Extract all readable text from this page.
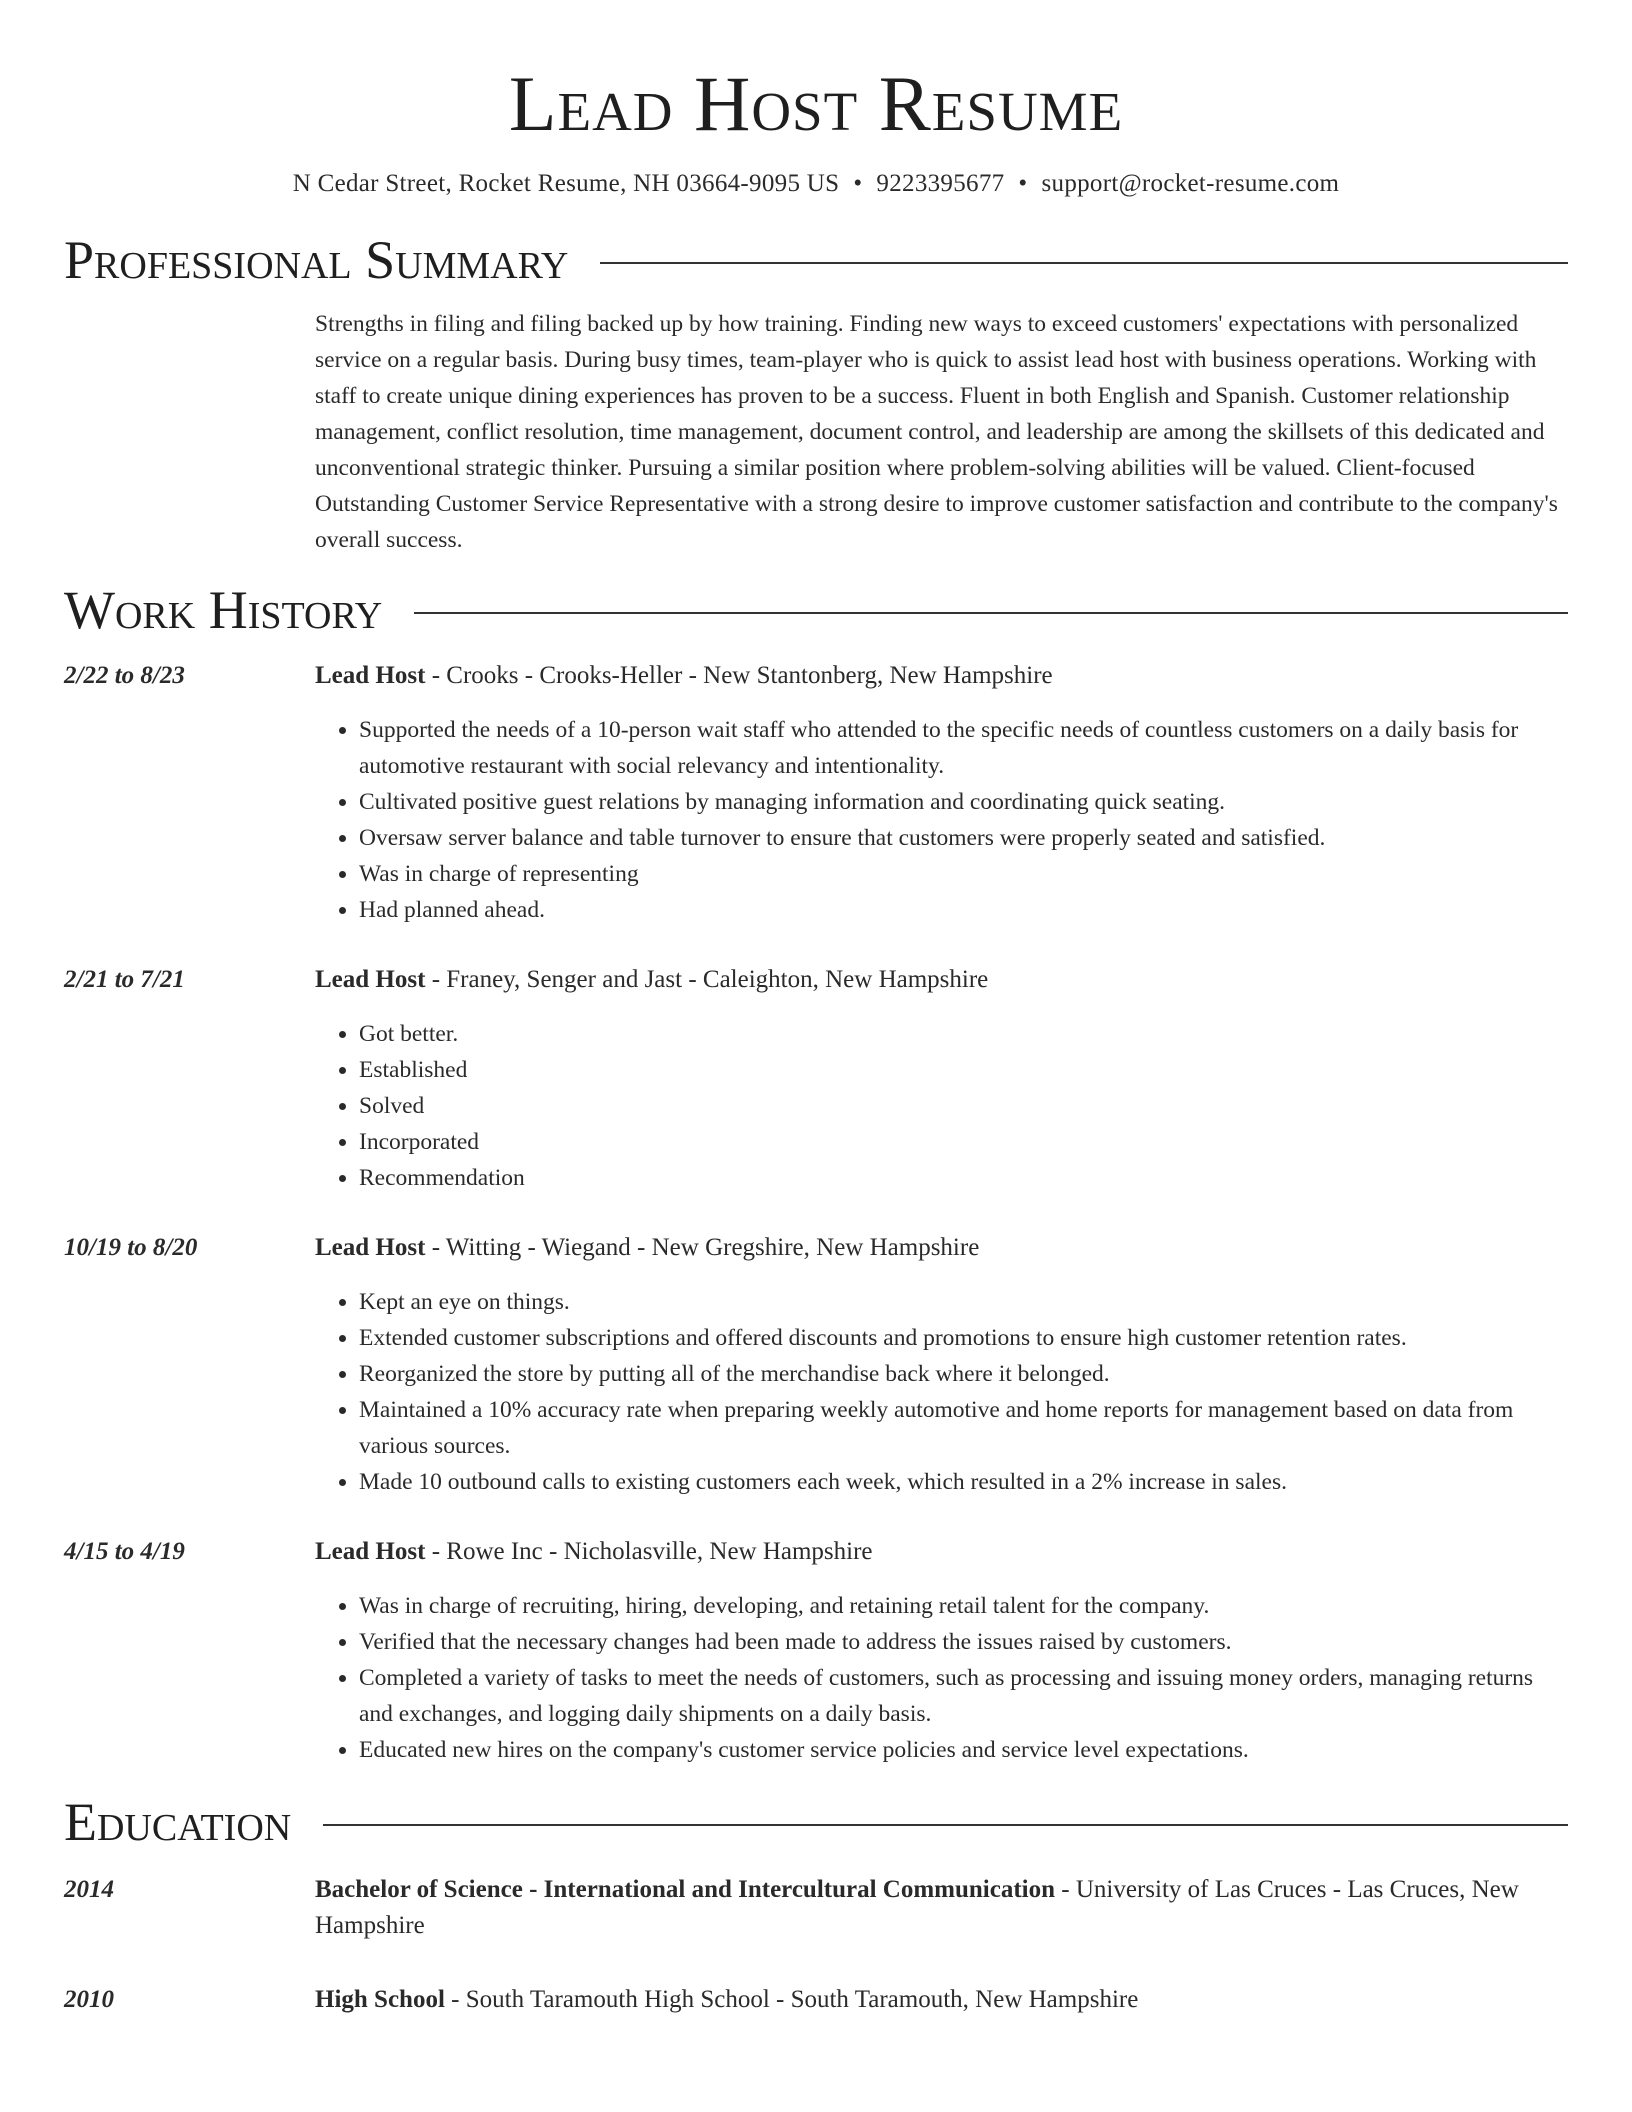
Lead Host Resume
N Cedar Street, Rocket Resume, NH 03664-9095 US • 9223395677 • support@rocket-resume.com
Professional Summary
Strengths in filing and filing backed up by how training. Finding new ways to exceed customers' expectations with personalized service on a regular basis. During busy times, team-player who is quick to assist lead host with business operations. Working with staff to create unique dining experiences has proven to be a success. Fluent in both English and Spanish. Customer relationship management, conflict resolution, time management, document control, and leadership are among the skillsets of this dedicated and unconventional strategic thinker. Pursuing a similar position where problem-solving abilities will be valued. Client-focused Outstanding Customer Service Representative with a strong desire to improve customer satisfaction and contribute to the company's overall success.
Work History
2/22 to 8/23	Lead Host - Crooks - Crooks-Heller - New Stantonberg, New Hampshire
• Supported the needs of a 10-person wait staff who attended to the specific needs of countless customers on a daily basis for automotive restaurant with social relevancy and intentionality.
• Cultivated positive guest relations by managing information and coordinating quick seating.
• Oversaw server balance and table turnover to ensure that customers were properly seated and satisfied.
• Was in charge of representing
• Had planned ahead.
2/21 to 7/21	Lead Host - Franey, Senger and Jast - Caleighton, New Hampshire
• Got better.
• Established
• Solved
• Incorporated
• Recommendation
10/19 to 8/20	Lead Host - Witting - Wiegand - New Gregshire, New Hampshire
• Kept an eye on things.
• Extended customer subscriptions and offered discounts and promotions to ensure high customer retention rates.
• Reorganized the store by putting all of the merchandise back where it belonged.
• Maintained a 10% accuracy rate when preparing weekly automotive and home reports for management based on data from various sources.
• Made 10 outbound calls to existing customers each week, which resulted in a 2% increase in sales.
4/15 to 4/19	Lead Host - Rowe Inc - Nicholasville, New Hampshire
• Was in charge of recruiting, hiring, developing, and retaining retail talent for the company.
• Verified that the necessary changes had been made to address the issues raised by customers.
• Completed a variety of tasks to meet the needs of customers, such as processing and issuing money orders, managing returns and exchanges, and logging daily shipments on a daily basis.
• Educated new hires on the company's customer service policies and service level expectations.
Education
2014	Bachelor of Science - International and Intercultural Communication - University of Las Cruces - Las Cruces, New Hampshire
2010	High School - South Taramouth High School - South Taramouth, New Hampshire
